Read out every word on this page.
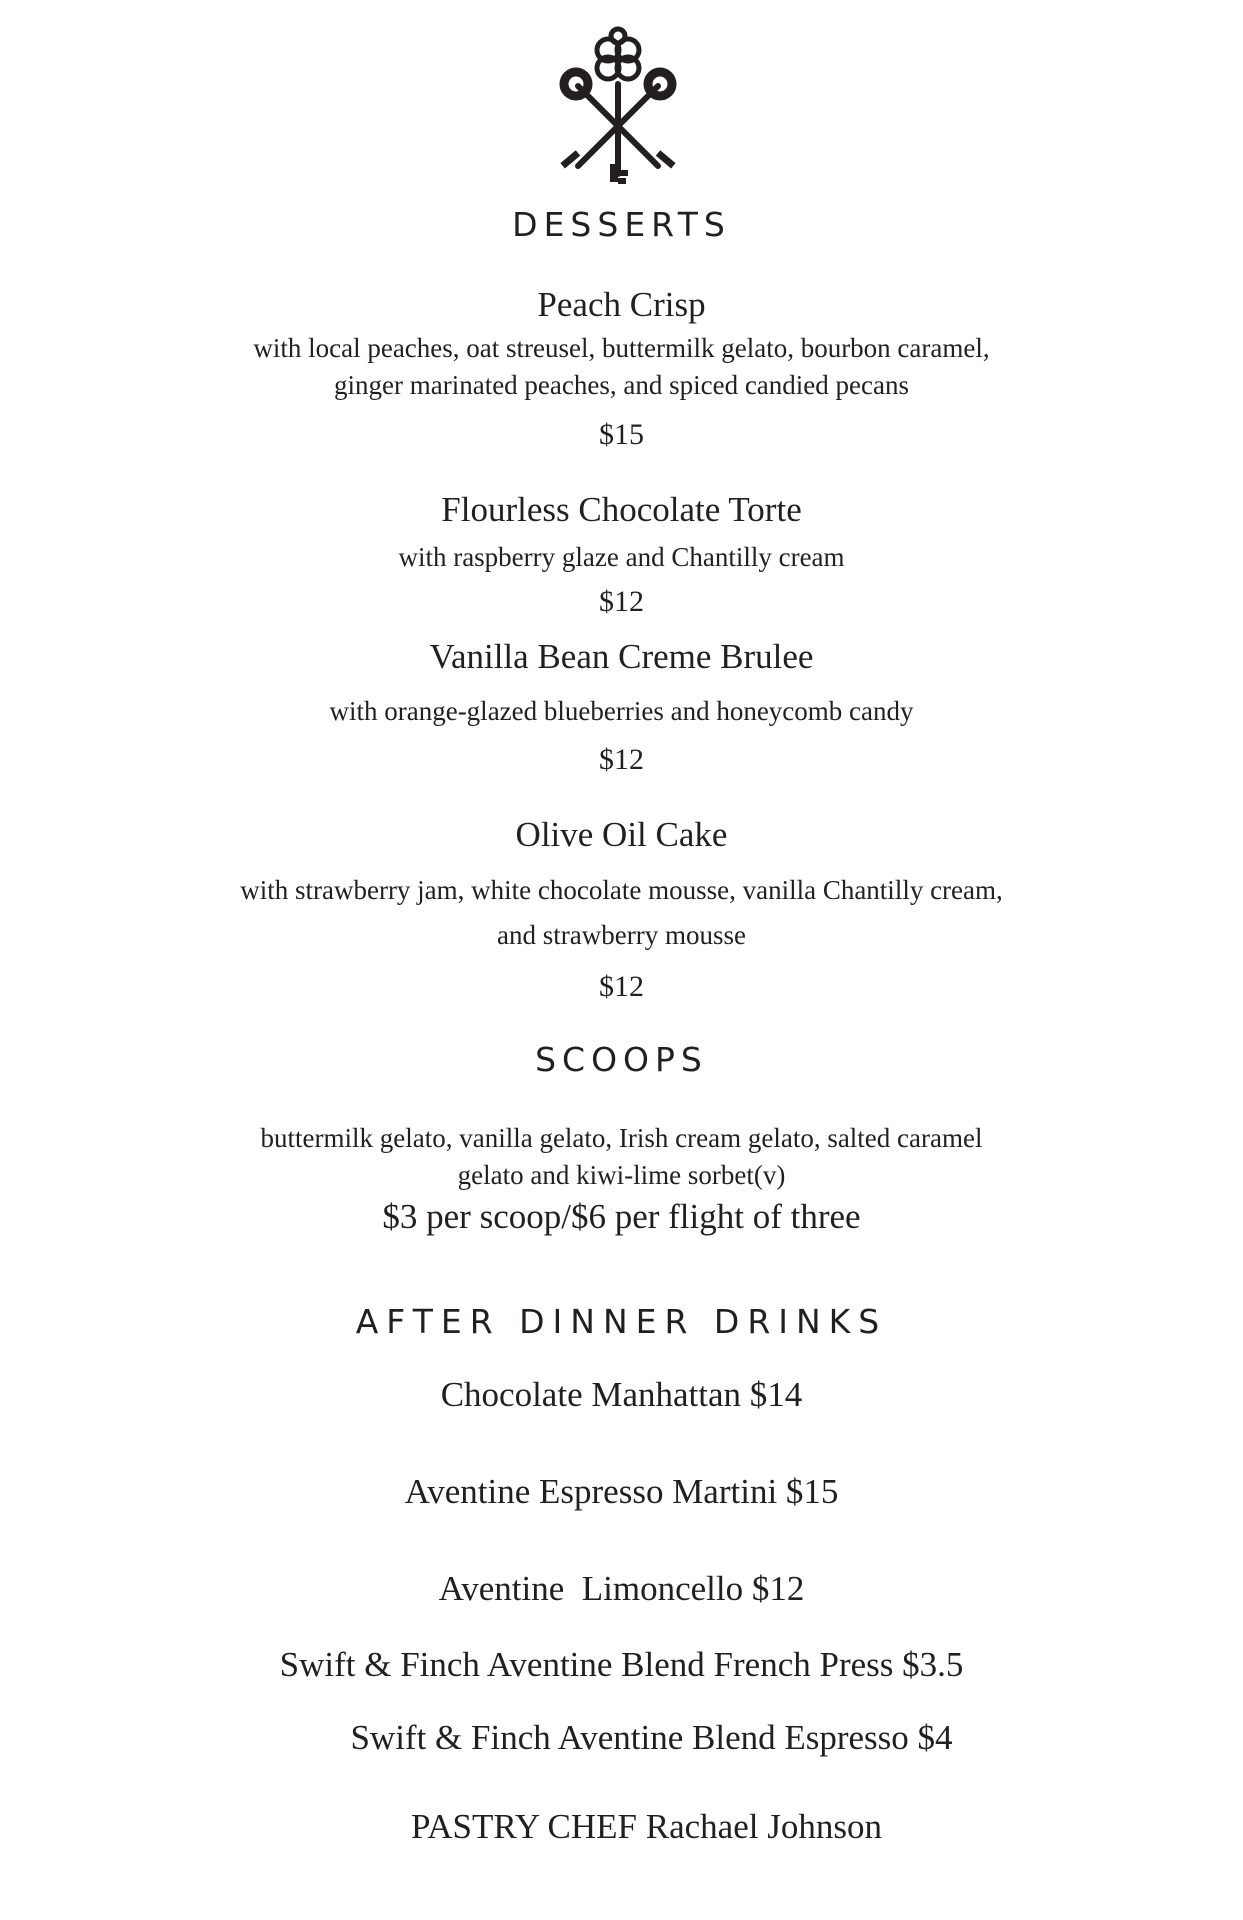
DESSERTS
Peach Crisp
with local peaches, oat streusel, buttermilk gelato, bourbon caramel,
ginger marinated peaches, and spiced candied pecans
$15
Flourless Chocolate Torte
with raspberry glaze and Chantilly cream
$12
Vanilla Bean Creme Brulee
with orange-glazed blueberries and honeycomb candy
$12
Olive Oil Cake
with strawberry jam, white chocolate mousse, vanilla Chantilly cream,
and strawberry mousse
$12
SCOOPS
buttermilk gelato, vanilla gelato, Irish cream gelato, salted caramel
gelato and kiwi-lime sorbet(v)
$3 per scoop/$6 per flight of three
AFTER DINNER DRINKS
Chocolate Manhattan $14
Aventine Espresso Martini $15
Aventine  Limoncello $12
Swift & Finch Aventine Blend French Press $3.5
Swift & Finch Aventine Blend Espresso $4
PASTRY CHEF Rachael Johnson
